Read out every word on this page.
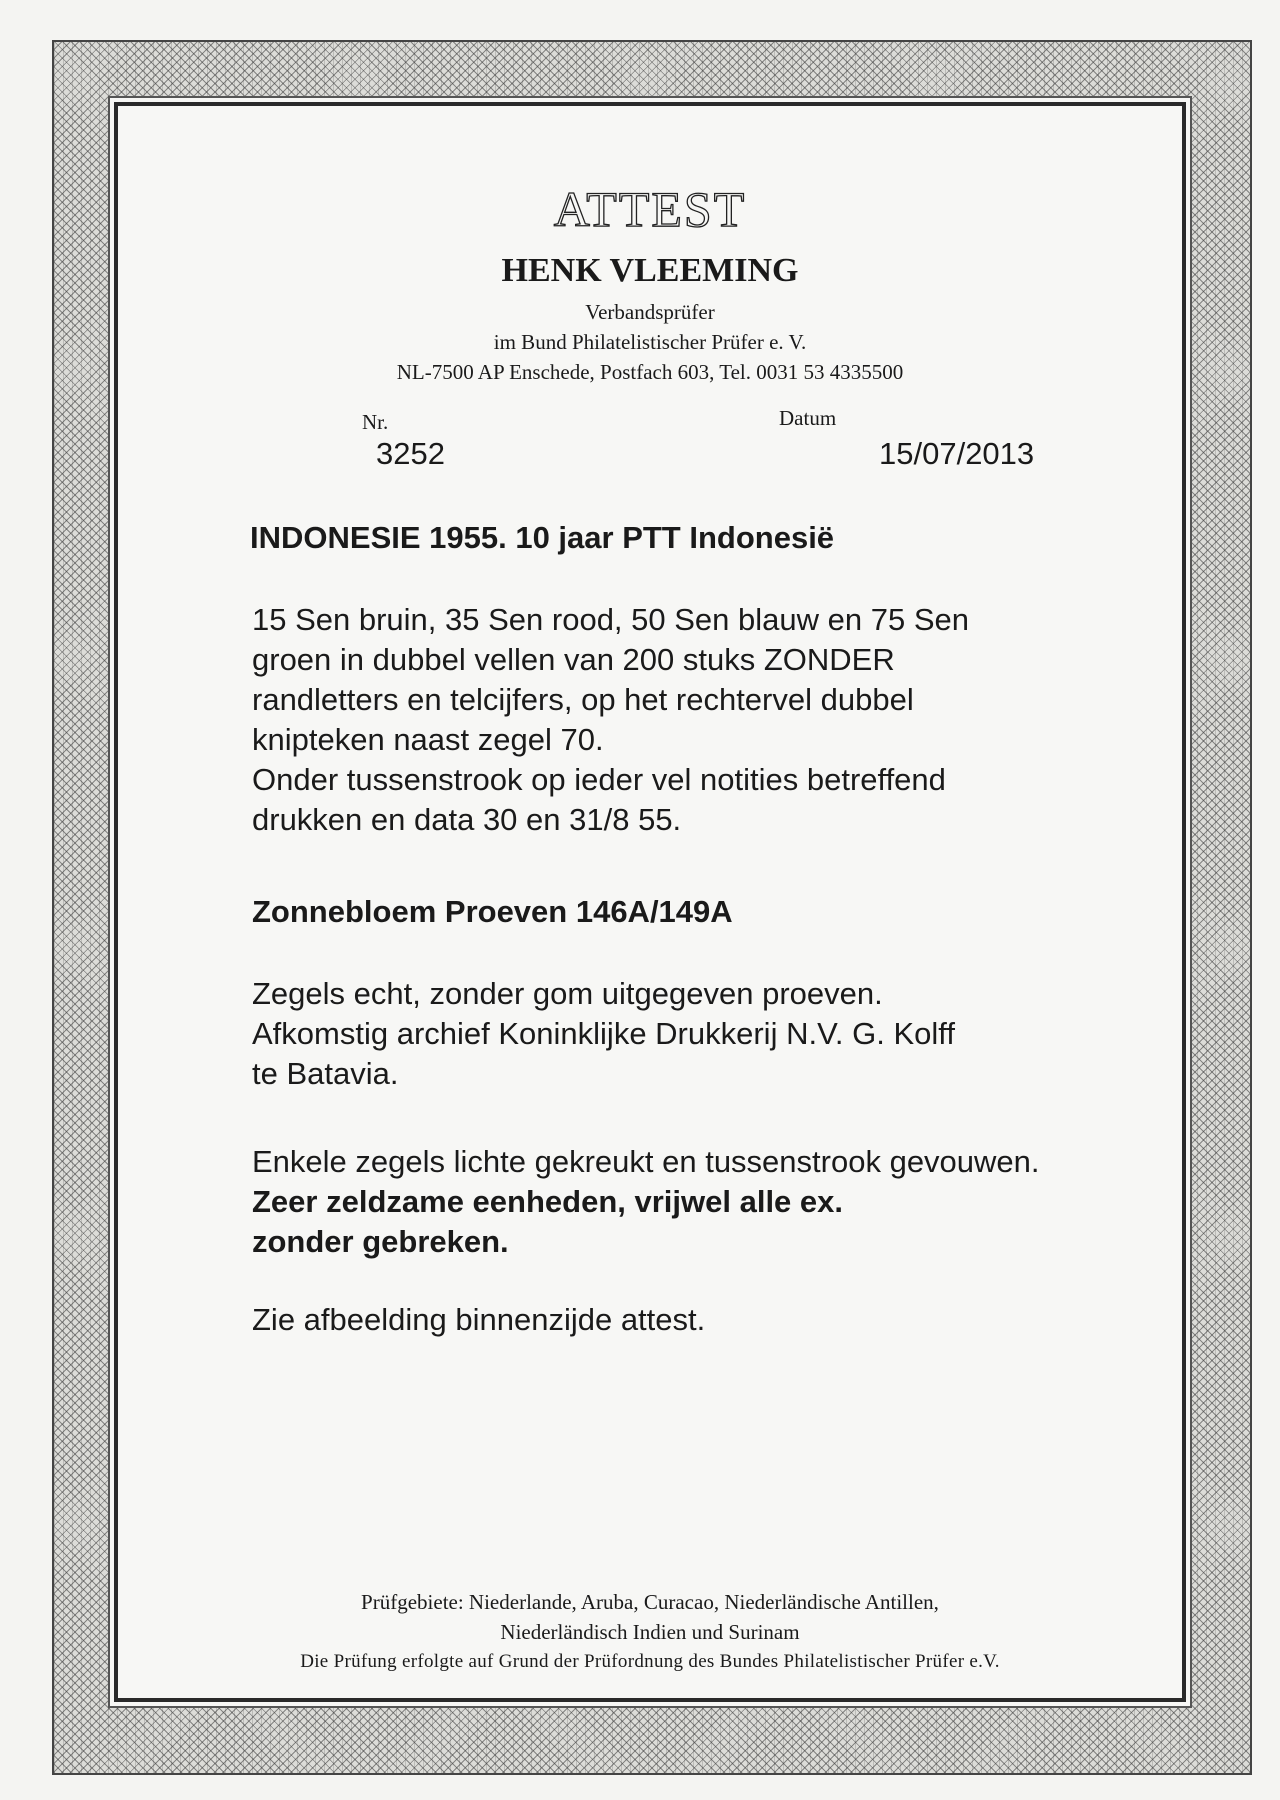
ATTEST
HENK VLEEMING
Verbandsprüfer
im Bund Philatelistischer Prüfer e. V.
NL-7500 AP Enschede, Postfach 603, Tel. 0031 53 4335500
Nr.
3252
Datum
15/07/2013
INDONESIE 1955. 10 jaar PTT Indonesië

15 Sen bruin, 35 Sen rood, 50 Sen blauw en 75 Sen

groen in dubbel vellen van 200 stuks ZONDER

randletters en telcijfers, op het rechtervel dubbel

knipteken naast zegel 70.

Onder tussenstrook op ieder vel notities betreffend

drukken en data 30 en 31/8 55.

Zonnebloem Proeven 146A/149A

Zegels echt, zonder gom uitgegeven proeven.

Afkomstig archief Koninklijke Drukkerij N.V. G. Kolff

te Batavia.

Enkele zegels lichte gekreukt en tussenstrook gevouwen.

Zeer zeldzame eenheden, vrijwel alle ex.

zonder gebreken.

Zie afbeelding binnenzijde attest.
Prüfgebiete: Niederlande, Aruba, Curacao, Niederländische Antillen,
Niederländisch Indien und Surinam
Die Prüfung erfolgte auf Grund der Prüfordnung des Bundes Philatelistischer Prüfer e.V.
